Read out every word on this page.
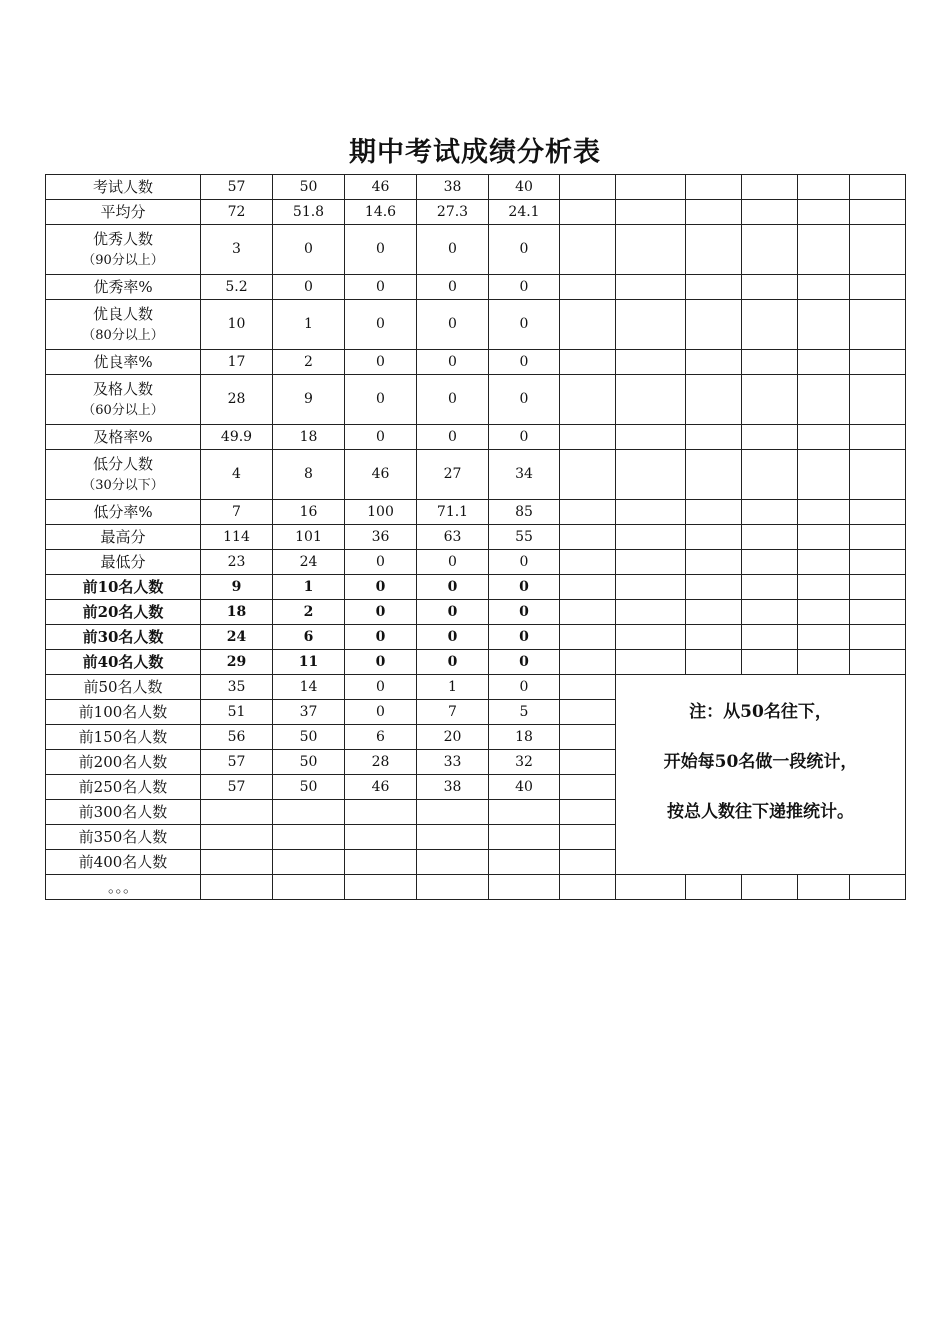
期中考试成绩分析表
考试人数	57	50	46	38	40							
平均分	72	51.8	14.6	27.3	24.1							
优秀人数
（90分以上）	3	0	0	0	0							
优秀率%	5.2	0	0	0	0							
优良人数
（80分以上）	10	1	0	0	0							
优良率%	17	2	0	0	0							
及格人数
（60分以上）	28	9	0	0	0							
及格率%	49.9	18	0	0	0							
低分人数
（30分以下）	4	8	46	27	34							
低分率%	7	16	100	71.1	85							
最高分	114	101	36	63	55							
最低分	23	24	0	0	0							
前10名人数	9	1	0	0	0							
前20名人数	18	2	0	0	0							
前30名人数	24	6	0	0	0							
前40名人数	29	11	0	0	0							
前50名人数	35	14	0	1	0		注：从50名往下，
开始每50名做一段统计，
按总人数往下递推统计。					

前100名人数	51	37	0	7	5							
前150名人数	56	50	6	20	18							
前200名人数	57	50	28	33	32							
前250名人数	57	50	46	38	40							
前300名人数												
前350名人数												
前400名人数												
。。。												
